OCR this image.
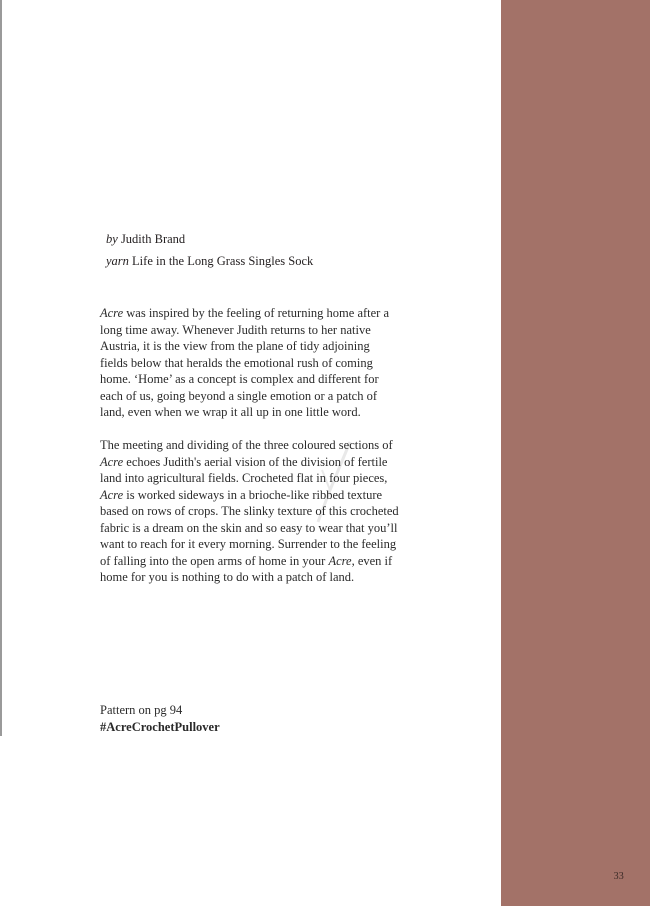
33
by Judith Brand
yarn Life in the Long Grass Singles Sock

Acre was inspired by the feeling of returning home after a long time away. Whenever Judith returns to her native Austria, it is the view from the plane of tidy adjoining fields below that heralds the emotional rush of coming home. ‘Home’ as a concept is complex and different for each of us, going beyond a single emotion or a patch of land, even when we wrap it all up in one little word.

The meeting and dividing of the three coloured sections of Acre echoes Judith's aerial vision of the division of fertile land into agricultural fields. Crocheted flat in four pieces, Acre is worked sideways in a brioche-like ribbed texture based on rows of crops. The slinky texture of this crocheted fabric is a dream on the skin and so easy to wear that you’ll want to reach for it every morning. Surrender to the feeling of falling into the open arms of home in your Acre, even if home for you is nothing to do with a patch of land.

Pattern on pg 94
#AcreCrochetPullover
